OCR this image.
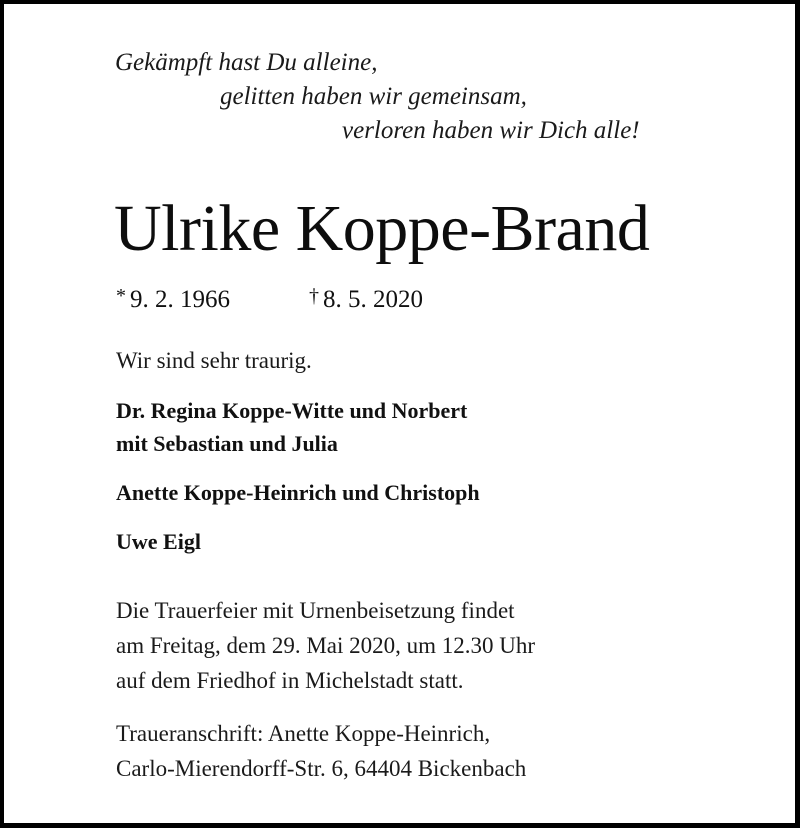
Gekämpft hast Du alleine,
gelitten haben wir gemeinsam,
verloren haben wir Dich alle!
Ulrike Koppe-Brand
* 9. 2. 1966	† 8. 5. 2020
Wir sind sehr traurig.
Dr. Regina Koppe-Witte und Norbert
mit Sebastian und Julia
Anette Koppe-Heinrich und Christoph
Uwe Eigl
Die Trauerfeier mit Urnenbeisetzung findet
am Freitag, dem 29. Mai 2020, um 12.30 Uhr
auf dem Friedhof in Michelstadt statt.
Traueranschrift: Anette Koppe-Heinrich,
Carlo-Mierendorff-Str. 6, 64404 Bickenbach
